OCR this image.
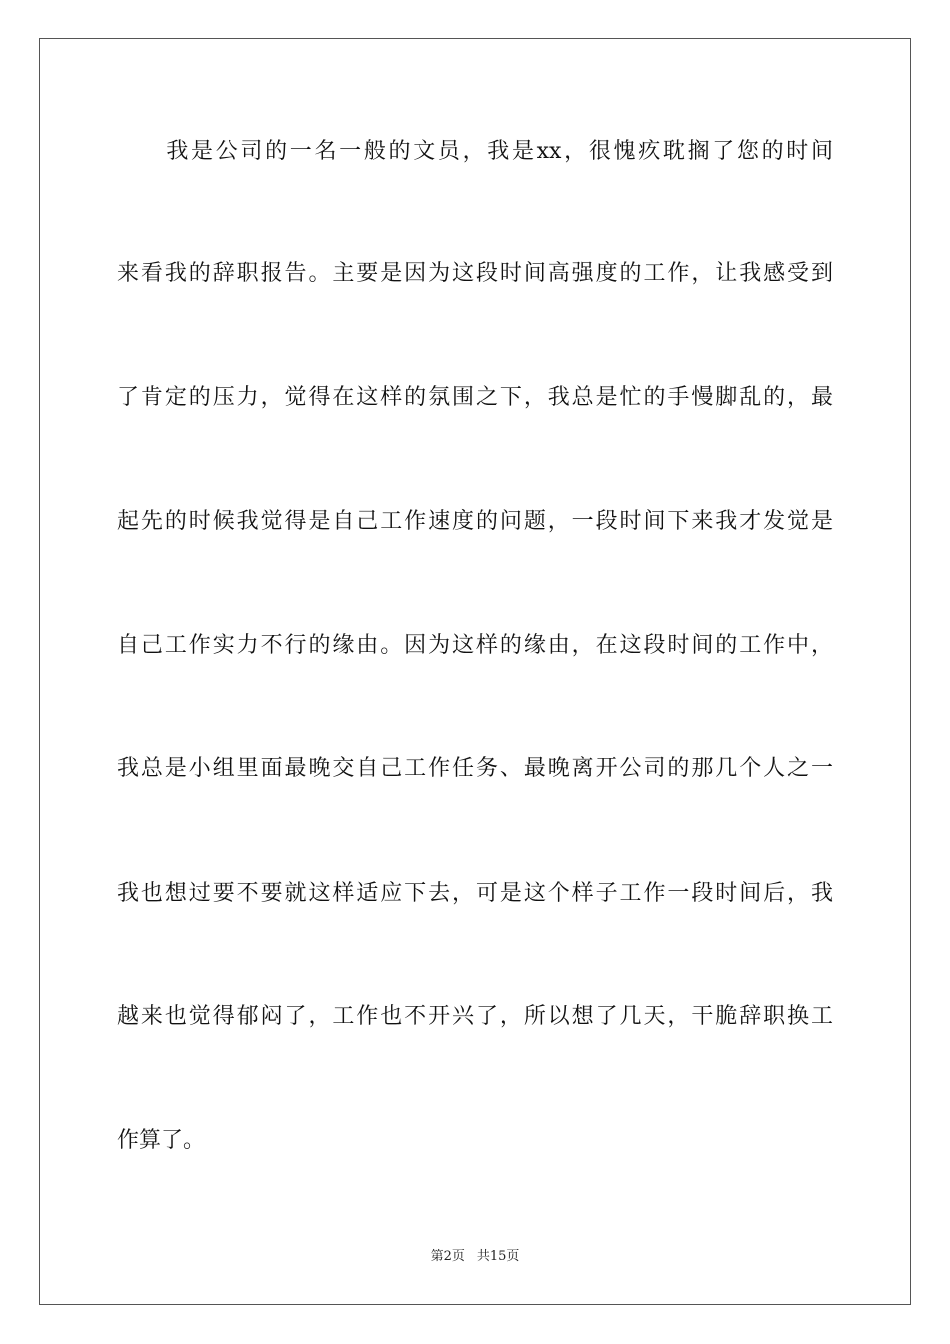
　　我是公司的一名一般的文员，我是xx，很愧疚耽搁了您的时间
来看我的辞职报告。主要是因为这段时间高强度的工作，让我感受到
了肯定的压力，觉得在这样的氛围之下，我总是忙的手慢脚乱的，最
起先的时候我觉得是自己工作速度的问题，一段时间下来我才发觉是
自己工作实力不行的缘由。因为这样的缘由，在这段时间的工作中，
我总是小组里面最晚交自己工作任务、最晚离开公司的那几个人之一
我也想过要不要就这样适应下去，可是这个样子工作一段时间后，我
越来也觉得郁闷了，工作也不开兴了，所以想了几天，干脆辞职换工
作算了。
第2页 共15页
